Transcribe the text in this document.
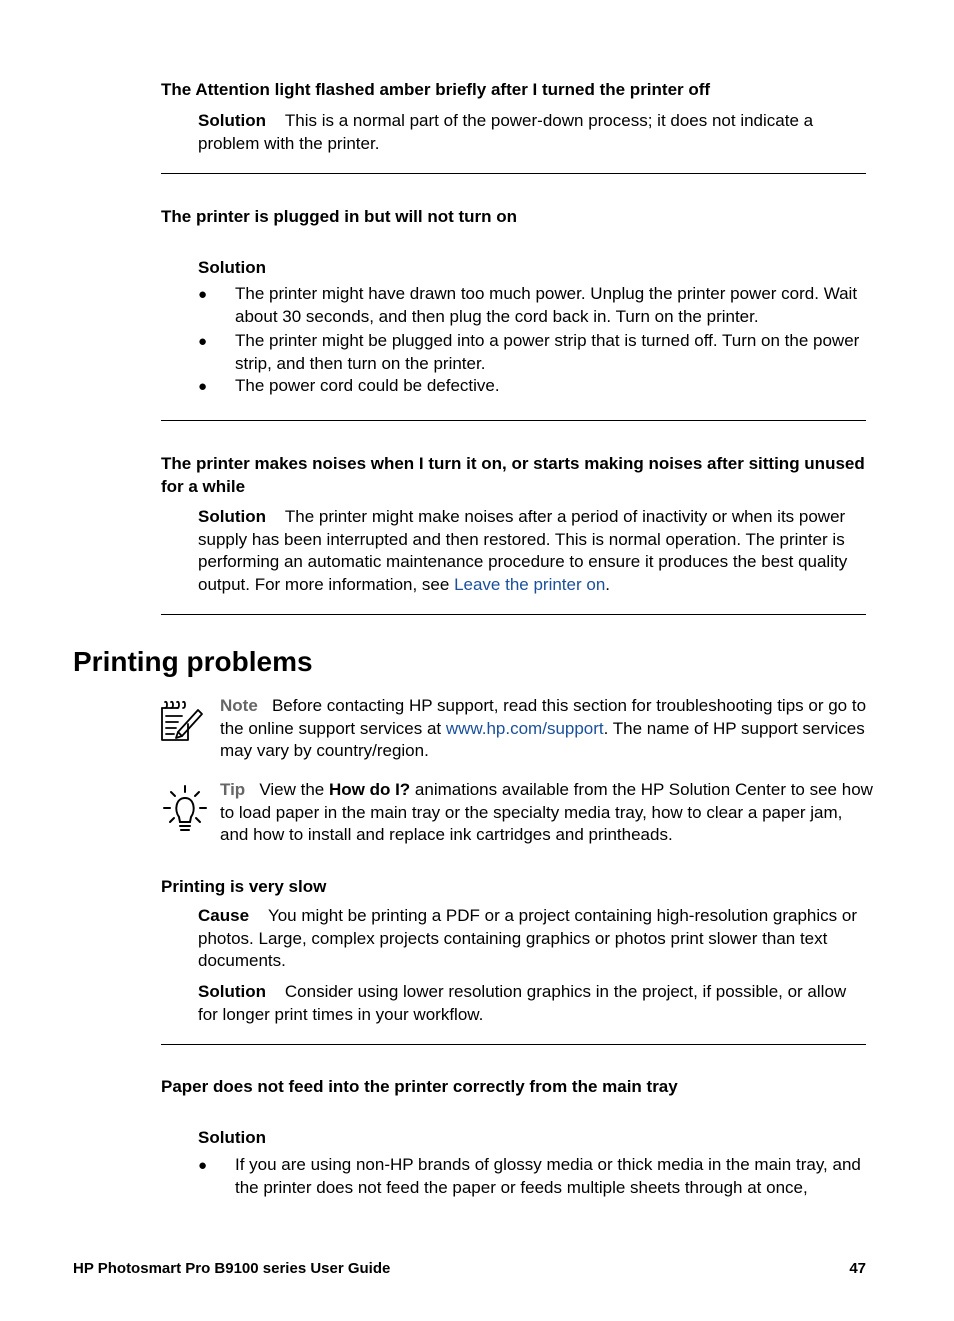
The Attention light flashed amber briefly after I turned the printer off
Solution This is a normal part of the power-down process; it does not indicate a problem with the printer.
The printer is plugged in but will not turn on
Solution
● The printer might have drawn too much power. Unplug the printer power cord. Wait about 30 seconds, and then plug the cord back in. Turn on the printer.
● The printer might be plugged into a power strip that is turned off. Turn on the power strip, and then turn on the printer.
● The power cord could be defective.
The printer makes noises when I turn it on, or starts making noises after sitting unused for a while
Solution The printer might make noises after a period of inactivity or when its power supply has been interrupted and then restored. This is normal operation. The printer is performing an automatic maintenance procedure to ensure it produces the best quality output. For more information, see Leave the printer on.
Printing problems
Note Before contacting HP support, read this section for troubleshooting tips or go to the online support services at www.hp.com/support. The name of HP support services may vary by country/region.
Tip View the How do I? animations available from the HP Solution Center to see how to load paper in the main tray or the specialty media tray, how to clear a paper jam, and how to install and replace ink cartridges and printheads.
Printing is very slow
Cause You might be printing a PDF or a project containing high-resolution graphics or photos. Large, complex projects containing graphics or photos print slower than text documents.
Solution Consider using lower resolution graphics in the project, if possible, or allow for longer print times in your workflow.
Paper does not feed into the printer correctly from the main tray
Solution
● If you are using non-HP brands of glossy media or thick media in the main tray, and the printer does not feed the paper or feeds multiple sheets through at once,
HP Photosmart Pro B9100 series User Guide	47
